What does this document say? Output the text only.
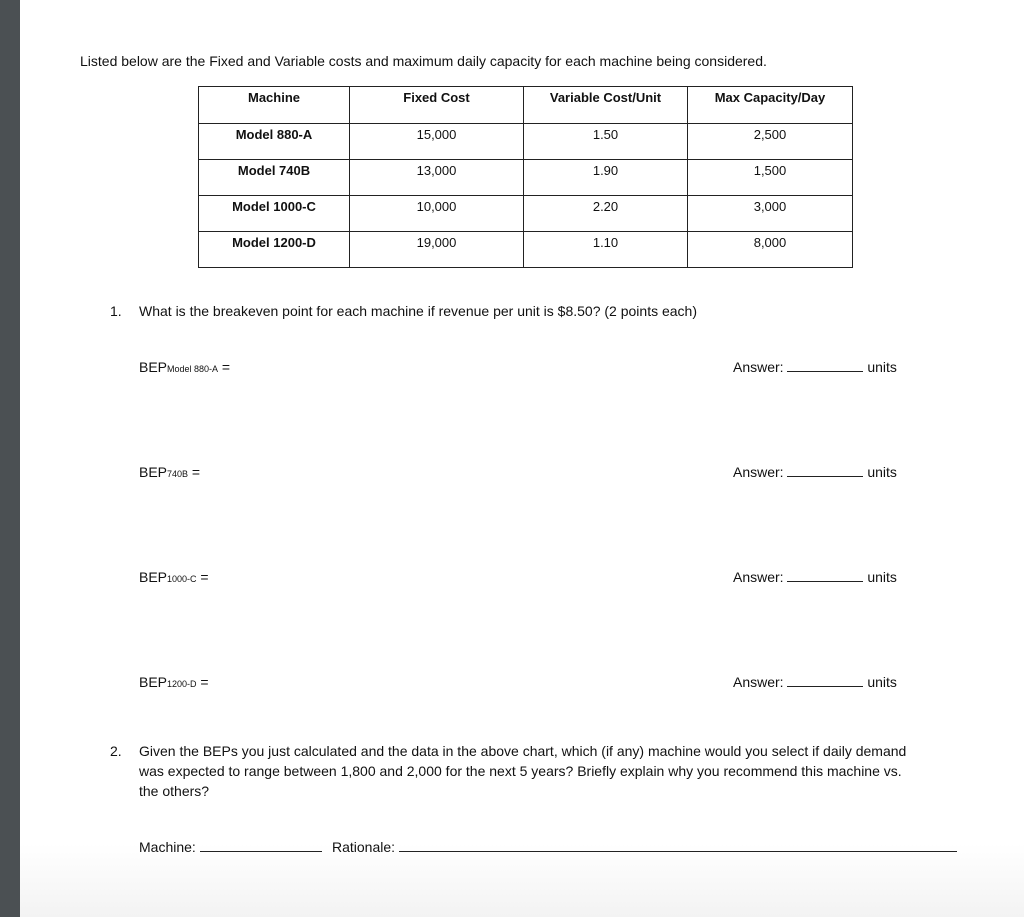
Listed below are the Fixed and Variable costs and maximum daily capacity for each machine being considered.
Machine	Fixed Cost	Variable Cost/Unit	Max Capacity/Day
Model 880-A	15,000	1.50	2,500
Model 740B	13,000	1.90	1,500
Model 1000-C	10,000	2.20	3,000
Model 1200-D	19,000	1.10	8,000
1. What is the breakeven point for each machine if revenue per unit is $8.50? (2 points each)
BEPModel 880-A =	Answer:	units
BEP740B =	Answer:	units
BEP1000-C =	Answer:	units
BEP1200-D =	Answer:	units
2. Given the BEPs you just calculated and the data in the above chart, which (if any) machine would you select if daily demand
was expected to range between 1,800 and 2,000 for the next 5 years? Briefly explain why you recommend this machine vs.
the others?
Machine:	Rationale:
